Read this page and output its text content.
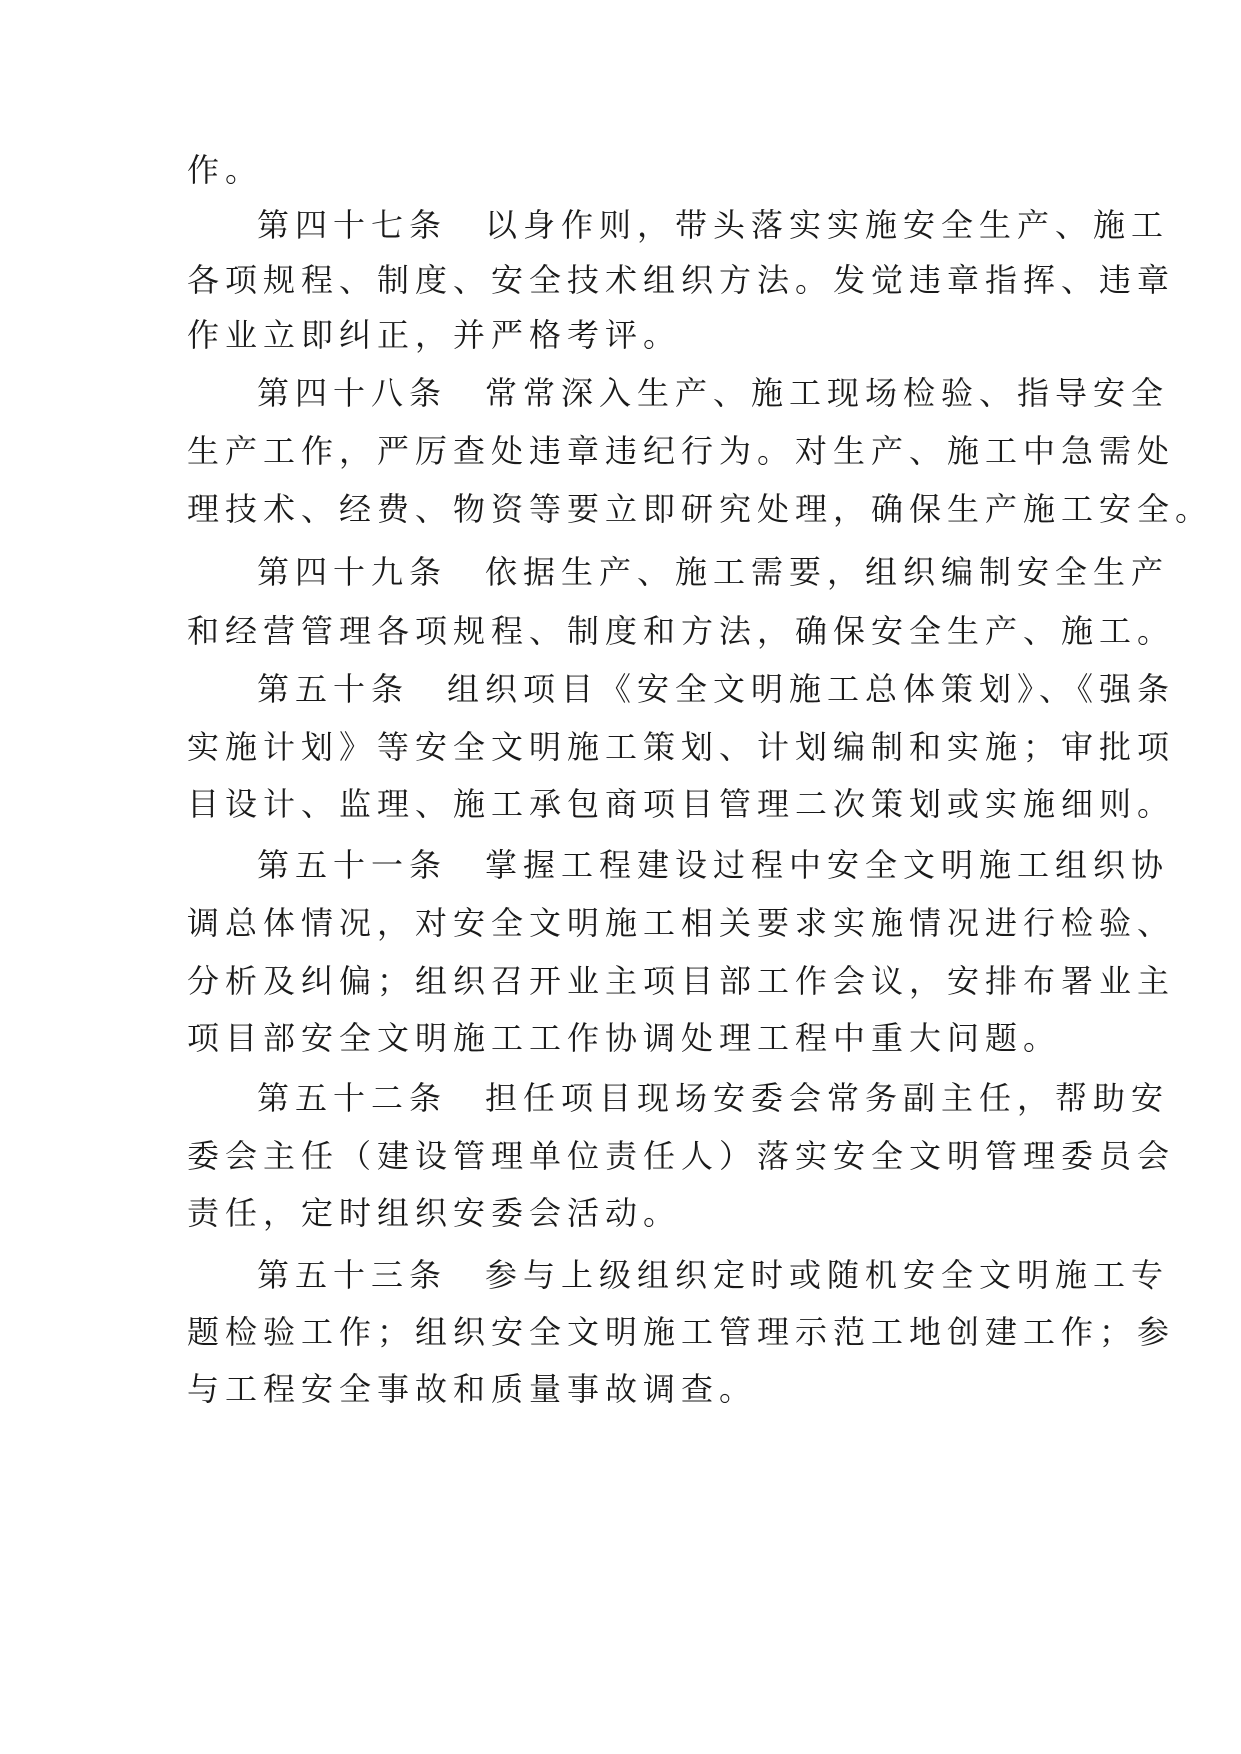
作。
第四十七条　以身作则，带头落实实施安全生产、施工
各项规程、制度、安全技术组织方法。发觉违章指挥、违章
作业立即纠正，并严格考评。
第四十八条　常常深入生产、施工现场检验、指导安全
生产工作，严厉查处违章违纪行为。对生产、施工中急需处
理技术、经费、物资等要立即研究处理，确保生产施工安全。
第四十九条　依据生产、施工需要，组织编制安全生产
和经营管理各项规程、制度和方法，确保安全生产、施工。
第五十条　组织项目《安全文明施工总体策划》、《强条
实施计划》等安全文明施工策划、计划编制和实施；审批项
目设计、监理、施工承包商项目管理二次策划或实施细则。
第五十一条　掌握工程建设过程中安全文明施工组织协
调总体情况，对安全文明施工相关要求实施情况进行检验、
分析及纠偏；组织召开业主项目部工作会议，安排布署业主
项目部安全文明施工工作协调处理工程中重大问题。
第五十二条　担任项目现场安委会常务副主任，帮助安
委会主任（建设管理单位责任人）落实安全文明管理委员会
责任，定时组织安委会活动。
第五十三条　参与上级组织定时或随机安全文明施工专
题检验工作；组织安全文明施工管理示范工地创建工作；参
与工程安全事故和质量事故调查。
